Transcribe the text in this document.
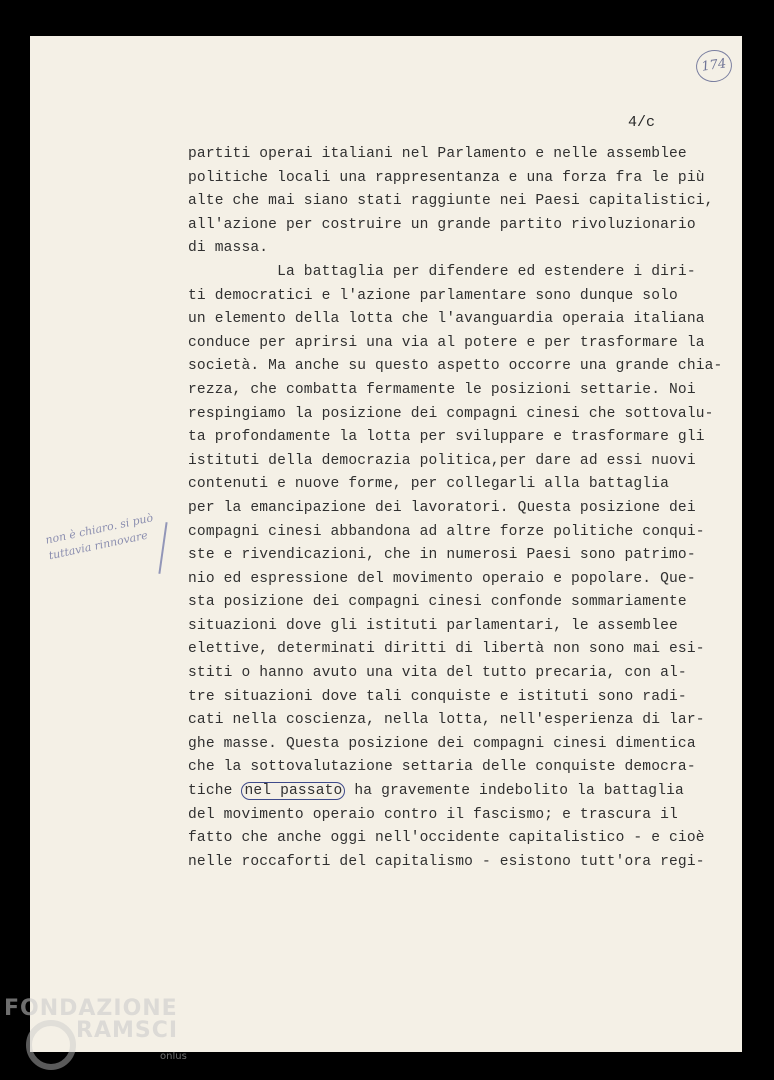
174
4/c
non è chiaro. si può tuttavia rinnovare
partiti operai italiani nel Parlamento e nelle assemblee
politiche locali una rappresentanza e una forza fra le più
alte che mai siano stati raggiunte nei Paesi capitalistici,
all'azione per costruire un grande partito rivoluzionario
di massa.
La battaglia per difendere ed estendere i diri-
ti democratici e l'azione parlamentare sono dunque solo
un elemento della lotta che l'avanguardia operaia italiana
conduce per aprirsi una via al potere e per trasformare la
società. Ma anche su questo aspetto occorre una grande chia-
rezza, che combatta fermamente le posizioni settarie. Noi
respingiamo la posizione dei compagni cinesi che sottovalu-
ta profondamente la lotta per sviluppare e trasformare gli
istituti della democrazia politica,per dare ad essi nuovi
contenuti e nuove forme, per collegarli alla battaglia
per la emancipazione dei lavoratori. Questa posizione dei
compagni cinesi abbandona ad altre forze politiche conqui-
ste e rivendicazioni, che in numerosi Paesi sono patrimo-
nio ed espressione del movimento operaio e popolare. Que-
sta posizione dei compagni cinesi confonde sommariamente
situazioni dove gli istituti parlamentari, le assemblee
elettive, determinati diritti di libertà non sono mai esi-
stiti o hanno avuto una vita del tutto precaria, con al-
tre situazioni dove tali conquiste e istituti sono radi-
cati nella coscienza, nella lotta, nell'esperienza di lar-
ghe masse. Questa posizione dei compagni cinesi dimentica
che la sottovalutazione settaria delle conquiste democra-
tiche nel passato ha gravemente indebolito la battaglia
del movimento operaio contro il fascismo; e trascura il
fatto che anche oggi nell'occidente capitalistico - e cioè
nelle roccaforti del capitalismo - esistono tutt'ora regi-
FONDAZIONE
RAMSCI
onlus
